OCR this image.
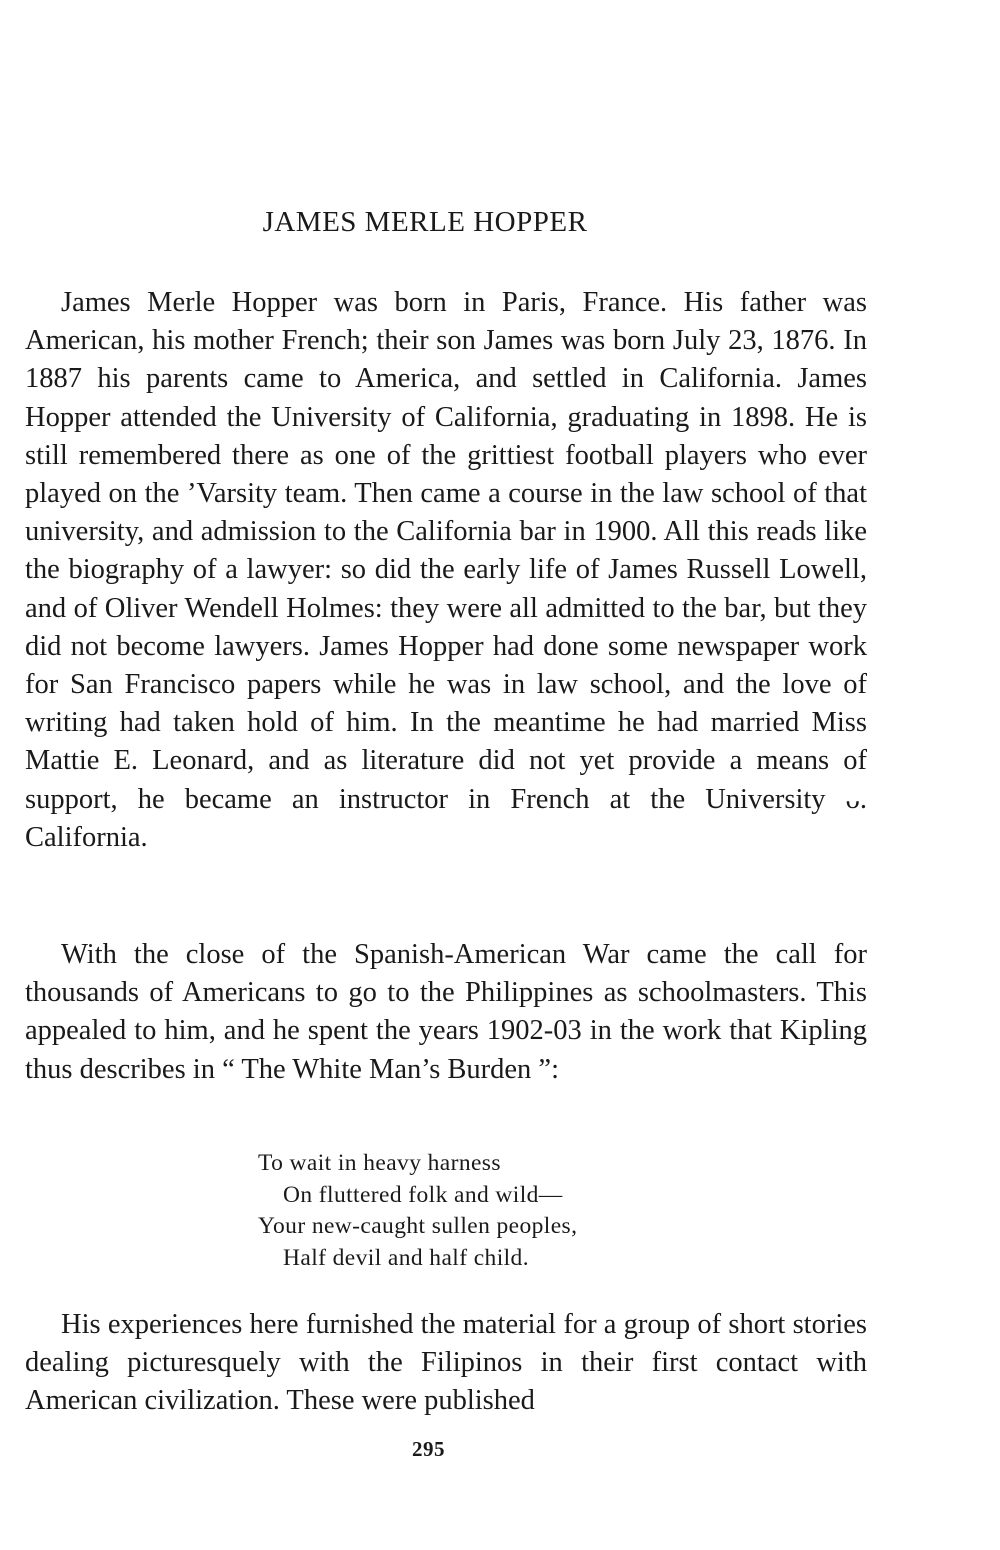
JAMES MERLE HOPPER

James Merle Hopper was born in Paris, France. His father was American, his mother French; their son James was born July 23, 1876. In 1887 his parents came to America, and settled in California. James Hopper attended the University of California, graduating in 1898. He is still remembered there as one of the grittiest football players who ever played on the ’Varsity team. Then came a course in the law school of that university, and admission to the California bar in 1900. All this reads like the biography of a lawyer: so did the early life of James Russell Lowell, and of Oliver Wendell Holmes: they were all admitted to the bar, but they did not become lawyers. James Hopper had done some newspaper work for San Francisco papers while he was in law school, and the love of writing had taken hold of him. In the meantime he had married Miss Mattie E. Leonard, and as literature did not yet provide a means of support, he became an instructor in French at the University ᴗ. California.

With the close of the Spanish-American War came the call for thousands of Americans to go to the Philippines as schoolmasters. This appealed to him, and he spent the years 1902-03 in the work that Kipling thus describes in “ The White Man’s Burden ”:

To wait in heavy harness
On fluttered folk and wild—
Your new-caught sullen peoples,
Half devil and half child.

His experiences here furnished the material for a group of short stories dealing picturesquely with the Filipinos in their first contact with American civilization. These were published

295
